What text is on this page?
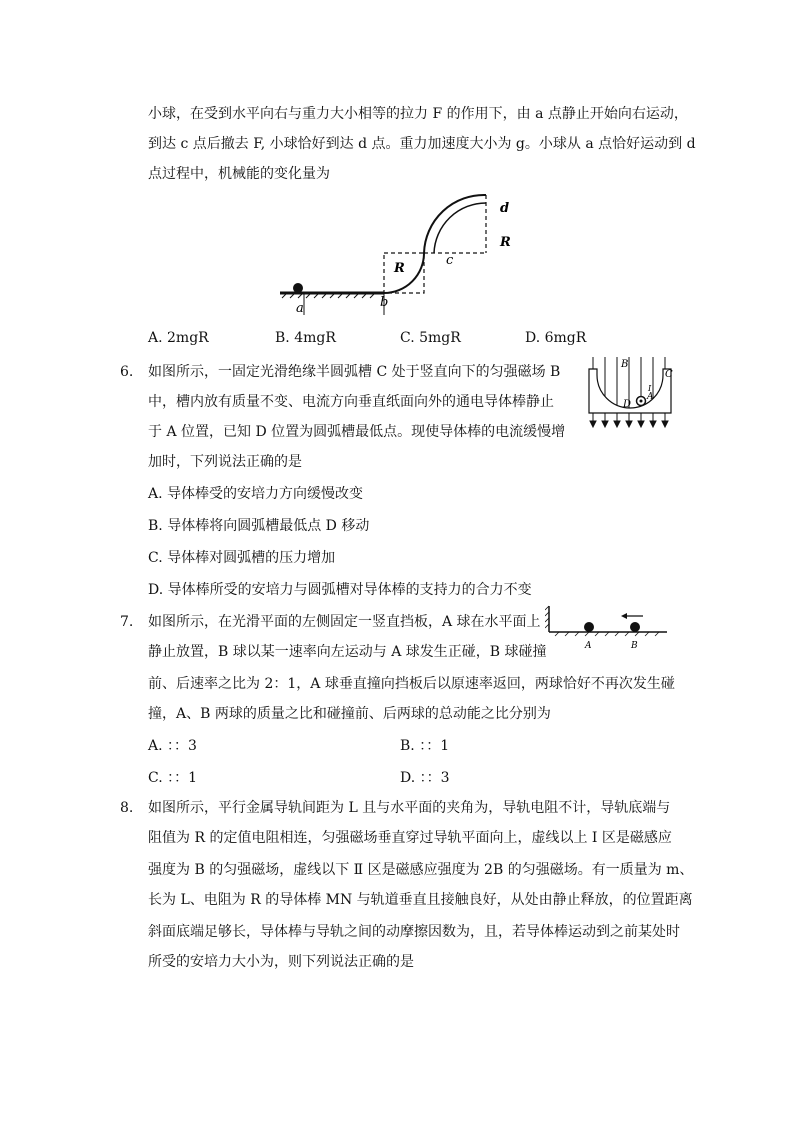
小球，在受到水平向右与重力大小相等的拉力 F 的作用下，由 a 点静止开始向右运动，
到达 c 点后撤去 F, 小球恰好到达 d 点。重力加速度大小为 g。小球从 a 点恰好运动到 d
点过程中，机械能的变化量为
a	b
R
c
d
R
A. 2mgR	B. 4mgR	C. 5mgR	D. 6mgR
6. 如图所示，一固定光滑绝缘半圆弧槽 C 处于竖直向下的匀强磁场 B
中，槽内放有质量不变、电流方向垂直纸面向外的通电导体棒静止
于 A 位置，已知 D 位置为圆弧槽最低点。现使导体棒的电流缓慢增
加时，下列说法正确的是
B
C
D
A
I
A. 导体棒受的安培力方向缓慢改变
B. 导体棒将向圆弧槽最低点 D 移动
C. 导体棒对圆弧槽的压力增加
D. 导体棒所受的安培力与圆弧槽对导体棒的支持力的合力不变
7. 如图所示，在光滑平面的左侧固定一竖直挡板，A 球在水平面上
静止放置，B 球以某一速率向左运动与 A 球发生正碰，B 球碰撞
前、后速率之比为 2：1，A 球垂直撞向挡板后以原速率返回，两球恰好不再次发生碰
撞，A、B 两球的质量之比和碰撞前、后两球的总动能之比分别为
A	B
A. ：：3	B. ：：1
C. ：：1	D. ：：3
8. 如图所示，平行金属导轨间距为 L 且与水平面的夹角为，导轨电阻不计，导轨底端与
阻值为 R 的定值电阻相连，匀强磁场垂直穿过导轨平面向上，虚线以上 Ⅰ 区是磁感应
强度为 B 的匀强磁场，虚线以下 Ⅱ 区是磁感应强度为 2B 的匀强磁场。有一质量为 m、
长为 L、电阻为 R 的导体棒 MN 与轨道垂直且接触良好，从处由静止释放，的位置距离
斜面底端足够长，导体棒与导轨之间的动摩擦因数为，且，若导体棒运动到之前某处时
所受的安培力大小为，则下列说法正确的是
